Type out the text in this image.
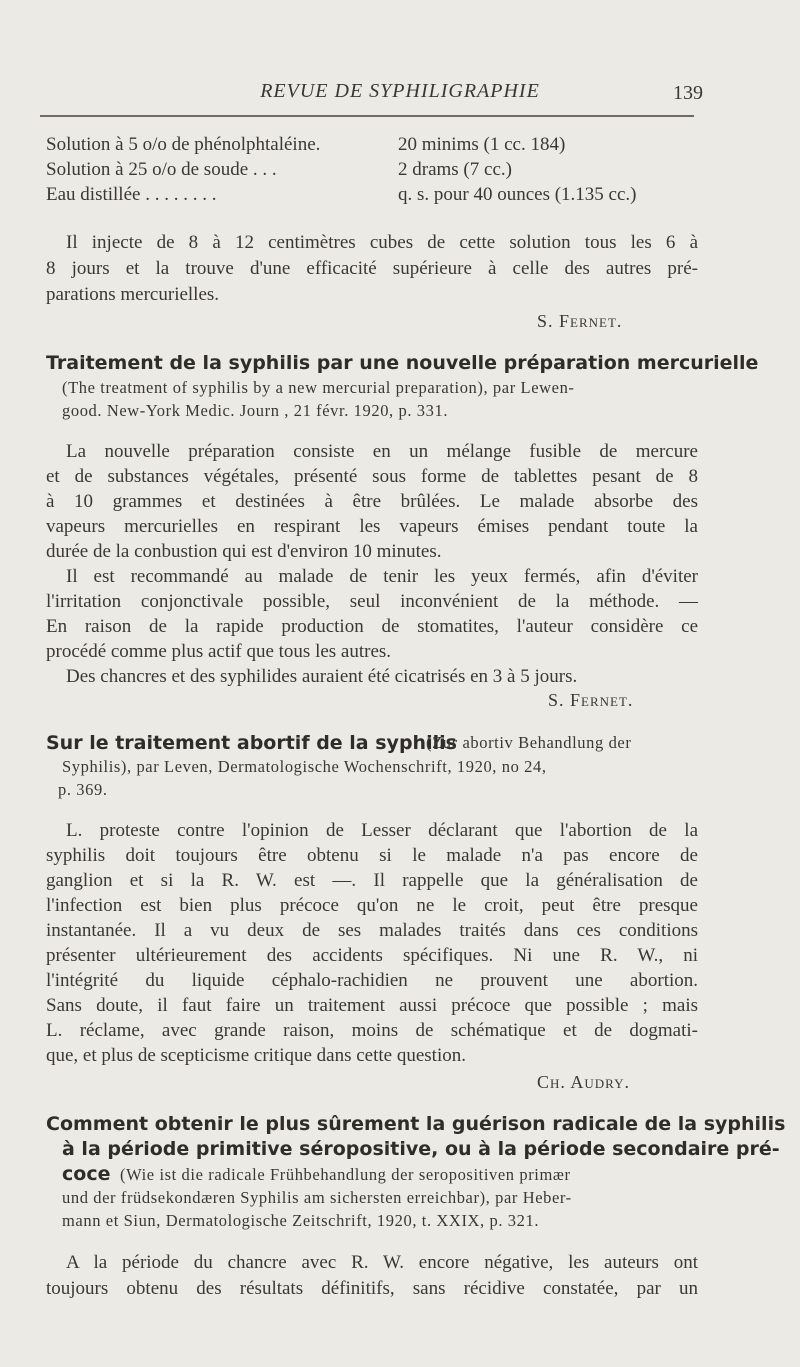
REVUE DE SYPHILIGRAPHIE	139
Solution à 5 o/o de phénolphtaléine.	20 minims (1 cc. 184)
Solution à 25 o/o de soude . . .	2 drams (7 cc.)
Eau distillée . . . . . . . .	q. s. pour 40 ounces (1.135 cc.)
Il injecte de 8 à 12 centimètres cubes de cette solution tous les 6 à
8 jours et la trouve d'une efficacité supérieure à celle des autres pré-
parations mercurielles.
S. Fernet.
Traitement de la syphilis par une nouvelle préparation mercurielle
(The treatment of syphilis by a new mercurial preparation), par Lewen-
good. New-York Medic. Journ , 21 févr. 1920, p. 331.
La nouvelle préparation consiste en un mélange fusible de mercure
et de substances végétales, présenté sous forme de tablettes pesant de 8
à 10 grammes et destinées à être brûlées. Le malade absorbe des
vapeurs mercurielles en respirant les vapeurs émises pendant toute la
durée de la conbustion qui est d'environ 10 minutes.
Il est recommandé au malade de tenir les yeux fermés, afin d'éviter
l'irritation conjonctivale possible, seul inconvénient de la méthode. —
En raison de la rapide production de stomatites, l'auteur considère ce
procédé comme plus actif que tous les autres.
Des chancres et des syphilides auraient été cicatrisés en 3 à 5 jours.
S. Fernet.
Sur le traitement abortif de la syphilis
(Zur abortiv Behandlung der
Syphilis), par Leven, Dermatologische Wochenschrift, 1920, no 24,
p. 369.
L. proteste contre l'opinion de Lesser déclarant que l'abortion de la
syphilis doit toujours être obtenu si le malade n'a pas encore de
ganglion et si la R. W. est —. Il rappelle que la généralisation de
l'infection est bien plus précoce qu'on ne le croit, peut être presque
instantanée. Il a vu deux de ses malades traités dans ces conditions
présenter ultérieurement des accidents spécifiques. Ni une R. W., ni
l'intégrité du liquide céphalo-rachidien ne prouvent une abortion.
Sans doute, il faut faire un traitement aussi précoce que possible ; mais
L. réclame, avec grande raison, moins de schématique et de dogmati-
que, et plus de scepticisme critique dans cette question.
Ch. Audry.
Comment obtenir le plus sûrement la guérison radicale de la syphilis
à la période primitive séropositive, ou à la période secondaire pré-
coce (Wie ist die radicale Frühbehandlung der seropositiven primær
und der früdsekondæren Syphilis am sichersten erreichbar), par Heber-
mann et Siun, Dermatologische Zeitschrift, 1920, t. XXIX, p. 321.
A la période du chancre avec R. W. encore négative, les auteurs ont
toujours obtenu des résultats définitifs, sans récidive constatée, par un
